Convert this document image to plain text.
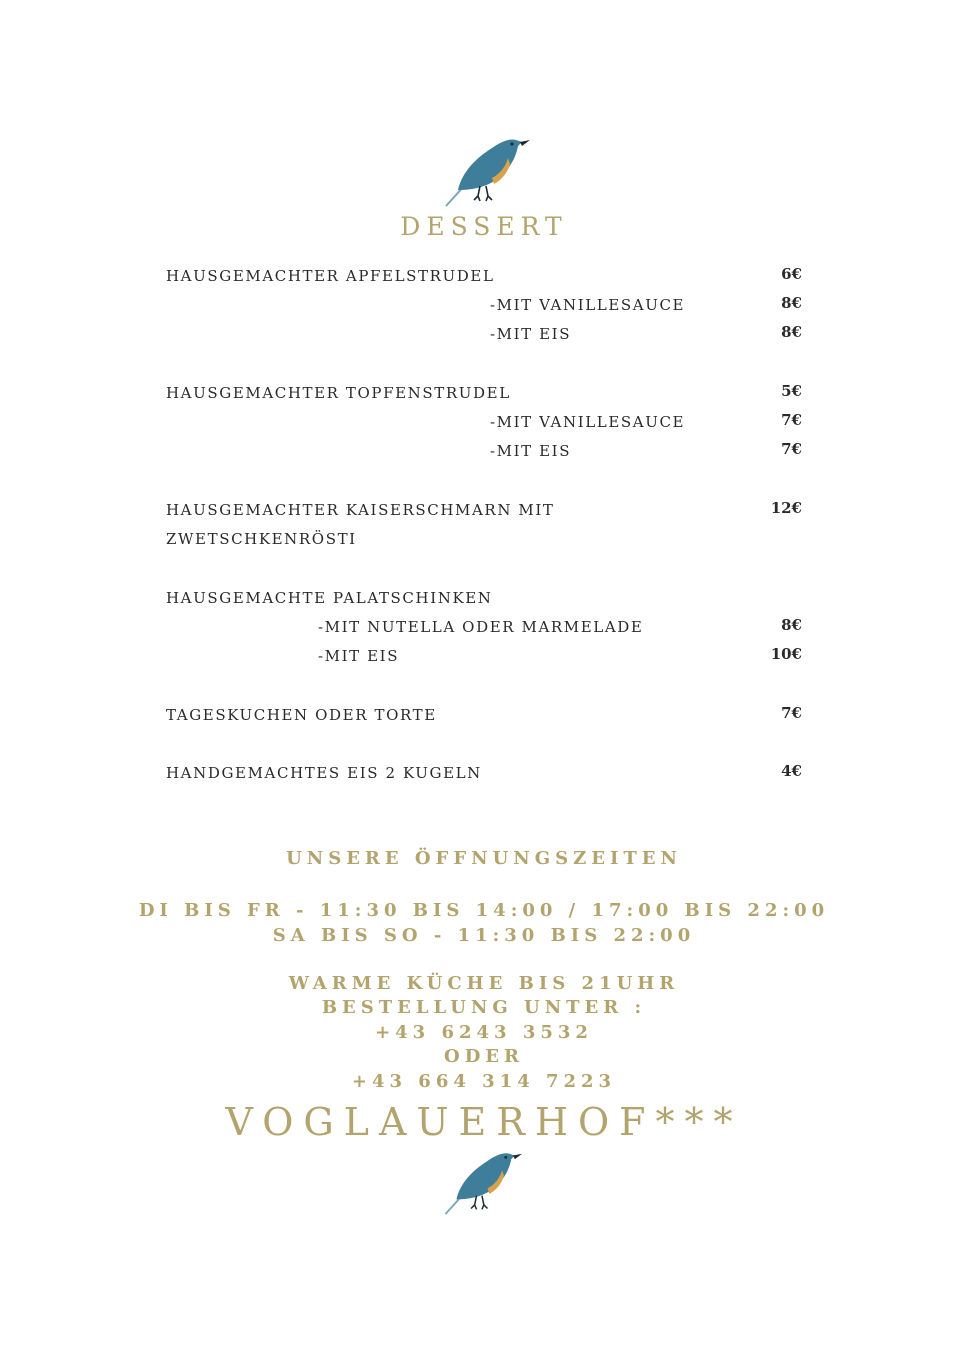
DESSERT
HAUSGEMACHTER APFELSTRUDEL	6€
-MIT VANILLESAUCE	8€
-MIT EIS	8€
HAUSGEMACHTER TOPFENSTRUDEL	5€
-MIT VANILLESAUCE	7€
-MIT EIS	7€
HAUSGEMACHTER KAISERSCHMARN MIT	12€
ZWETSCHKENRÖSTI
HAUSGEMACHTE PALATSCHINKEN
-MIT NUTELLA ODER MARMELADE	8€
-MIT EIS	10€
TAGESKUCHEN ODER TORTE	7€
HANDGEMACHTES EIS 2 KUGELN	4€
UNSERE ÖFFNUNGSZEITEN
DI BIS FR - 11:30 BIS 14:00 / 17:00 BIS 22:00
SA BIS SO - 11:30 BIS 22:00
WARME KÜCHE BIS 21UHR
BESTELLUNG UNTER :
+43 6243 3532
ODER
+43 664 314 7223
VOGLAUERHOF***
